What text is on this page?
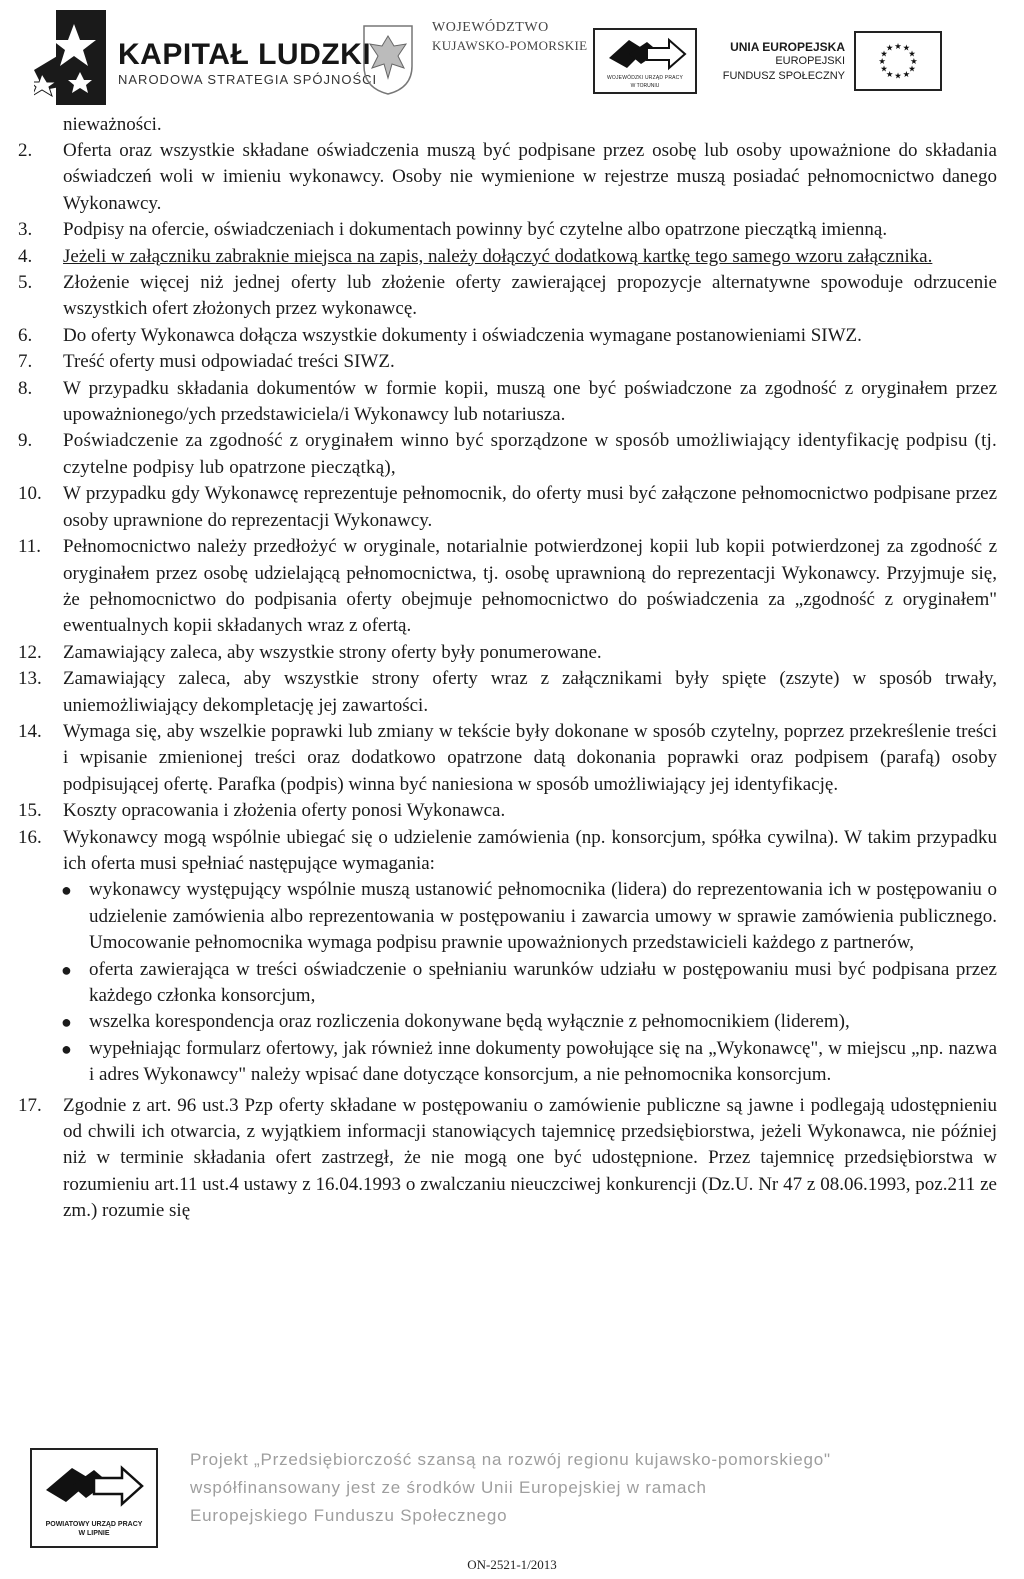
KAPITAŁ LUDZKI
NARODOWA STRATEGIA SPÓJNOŚCI
WOJEWÓDZTWO
KUJAWSKO-POMORSKIE
WOJEWÓDZKI URZĄD PRACY
W TORUNIU
UNIA EUROPEJSKA
EUROPEJSKI
FUNDUSZ SPOŁECZNY
★ ★
★
★
★
★
★
★
★
★
★
★
nieważności.
2.	Oferta oraz wszystkie składane oświadczenia muszą być podpisane przez osobę lub osoby upoważnione do składania oświadczeń woli w imieniu wykonawcy. Osoby nie wymienione w rejestrze muszą posiadać pełnomocnictwo danego Wykonawcy.
3.	Podpisy na ofercie, oświadczeniach i dokumentach powinny być czytelne albo opatrzone pieczątką imienną.
4.	Jeżeli w załączniku zabraknie miejsca na zapis, należy dołączyć dodatkową kartkę tego samego wzoru załącznika.
5.	Złożenie więcej niż jednej oferty lub złożenie oferty zawierającej propozycje alternatywne spowoduje odrzucenie wszystkich ofert złożonych przez wykonawcę.
6.	Do oferty Wykonawca dołącza wszystkie dokumenty i oświadczenia wymagane postanowieniami SIWZ.
7.	Treść oferty musi odpowiadać treści SIWZ.
8.	W przypadku składania dokumentów w formie kopii, muszą one być poświadczone za zgodność z oryginałem przez upoważnionego/ych przedstawiciela/i Wykonawcy lub notariusza.
9.	Poświadczenie za zgodność z oryginałem winno być sporządzone w sposób umożliwiający identyfikację podpisu (tj. czytelne podpisy lub opatrzone pieczątką),
10.	W przypadku gdy Wykonawcę reprezentuje pełnomocnik, do oferty musi być załączone pełnomocnictwo podpisane przez osoby uprawnione do reprezentacji Wykonawcy.
11.	Pełnomocnictwo należy przedłożyć w oryginale, notarialnie potwierdzonej kopii lub kopii potwierdzonej za zgodność z oryginałem przez osobę udzielającą pełnomocnictwa, tj. osobę uprawnioną do reprezentacji Wykonawcy. Przyjmuje się, że pełnomocnictwo do podpisania oferty obejmuje pełnomocnictwo do poświadczenia za „zgodność z oryginałem" ewentualnych kopii składanych wraz z ofertą.
12.	Zamawiający zaleca, aby wszystkie strony oferty były ponumerowane.
13.	Zamawiający zaleca, aby wszystkie strony oferty wraz z załącznikami były spięte (zszyte) w sposób trwały, uniemożliwiający dekompletację jej zawartości.
14.	Wymaga się, aby wszelkie poprawki lub zmiany w tekście były dokonane w sposób czytelny, poprzez przekreślenie treści i wpisanie zmienionej treści oraz dodatkowo opatrzone datą dokonania poprawki oraz podpisem (parafą) osoby podpisującej ofertę. Parafka (podpis) winna być naniesiona w sposób umożliwiający jej identyfikację.
15.	Koszty opracowania i złożenia oferty ponosi Wykonawca.
16.	Wykonawcy mogą wspólnie ubiegać się o udzielenie zamówienia (np. konsorcjum, spółka cywilna). W takim przypadku ich oferta musi spełniać następujące wymagania:
● wykonawcy występujący wspólnie muszą ustanowić pełnomocnika (lidera) do reprezentowania ich w postępowaniu o udzielenie zamówienia albo reprezentowania w postępowaniu i zawarcia umowy w sprawie zamówienia publicznego. Umocowanie pełnomocnika wymaga podpisu prawnie upoważnionych przedstawicieli każdego z partnerów,
● oferta zawierająca w treści oświadczenie o spełnianiu warunków udziału w postępowaniu musi być podpisana przez każdego członka konsorcjum,
● wszelka korespondencja oraz rozliczenia dokonywane będą wyłącznie z pełnomocnikiem (liderem),
● wypełniając formularz ofertowy, jak również inne dokumenty powołujące się na „Wykonawcę", w miejscu „np. nazwa i adres Wykonawcy" należy wpisać dane dotyczące konsorcjum, a nie pełnomocnika konsorcjum.
17.	Zgodnie z art. 96 ust.3 Pzp oferty składane w postępowaniu o zamówienie publiczne są jawne i podlegają udostępnieniu od chwili ich otwarcia, z wyjątkiem informacji stanowiących tajemnicę przedsiębiorstwa, jeżeli Wykonawca, nie później niż w terminie składania ofert zastrzegł, że nie mogą one być udostępnione. Przez tajemnicę przedsiębiorstwa w rozumieniu art.11 ust.4 ustawy z 16.04.1993 o zwalczaniu nieuczciwej konkurencji (Dz.U. Nr 47 z 08.06.1993, poz.211 ze zm.) rozumie się
POWIATOWY URZĄD PRACY
W LIPNIE
Projekt „Przedsiębiorczość szansą na rozwój regionu kujawsko-pomorskiego"
współfinansowany jest ze środków Unii Europejskiej w ramach
Europejskiego Funduszu Społecznego
ON-2521-1/2013
